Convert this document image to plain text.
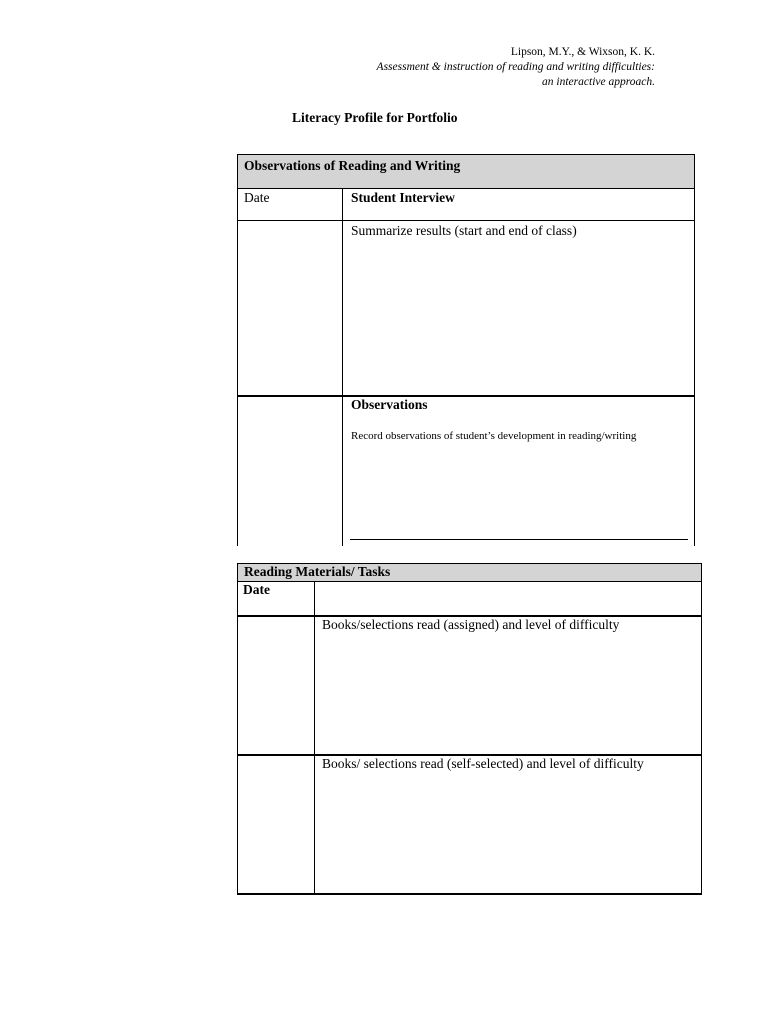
Lipson, M.Y., & Wixson, K. K.
Assessment & instruction of reading and writing difficulties:
an interactive approach.
Literacy Profile for Portfolio
Observations of Reading and Writing
Date	Student Interview
Summarize results (start and end of class)
Observations
Record observations of student’s development in reading/writing
Reading Materials/ Tasks
Date
Books/selections read (assigned) and level of difficulty
Books/ selections read (self-selected) and level of difficulty
